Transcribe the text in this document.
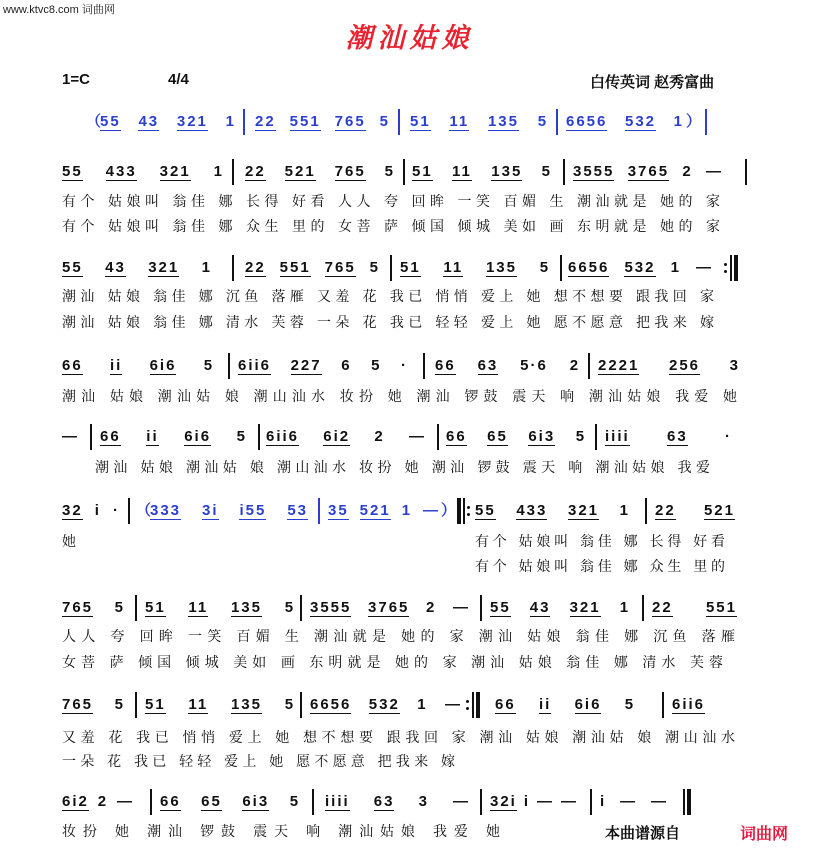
www.ktvc8.com 词曲网
潮汕姑娘
1=C	4/4	白传英词 赵秀富曲
（
55 43 321 1 22 551 765 5 51 11 135 5 6656 532 1 ）
55 433 321 1 22 521 765 5 51 11 135 5 3555 3765 2 —
有个 姑娘叫 翁佳 娜 长得 好看 人人 夸 回眸 一笑 百媚 生 潮汕就是 她的 家
有个 姑娘叫 翁佳 娜 众生 里的 女菩 萨 倾国 倾城 美如 画 东明就是 她的 家
55 43 321 1 22 551 765 5 51 11 135 5 6656 532 1 —
潮汕 姑娘 翁佳 娜 沉鱼 落雁 又羞 花 我已 悄悄 爱上 她 想不想要 跟我回 家
潮汕 姑娘 翁佳 娜 清水 芙蓉 一朵 花 我已 轻轻 爱上 她 愿不愿意 把我来 嫁
66 ii 6i6 5 6ii6 227 6 5 · 66 63 5·6 2 2221 256 3
潮汕 姑娘 潮汕姑 娘 潮山汕水 妆扮 她 潮汕 锣鼓 震天 响 潮汕姑娘 我爱 她
— 66 ii 6i6 5 6ii6 6i2 2 — 66 65 6i3 5 iiii 63 ·
潮汕 姑娘 潮汕姑 娘 潮山汕水 妆扮 她 潮汕 锣鼓 震天 响 潮汕姑娘 我爱
32 i · （
333 3i i55 53 35 521 1 — ） 55 433 321 1 22 521
她	有个 姑娘叫 翁佳 娜 长得 好看
有个 姑娘叫 翁佳 娜 众生 里的
765 5 51 11 135 5 3555 3765 2 — 55 43 321 1 22 551
人人 夸 回眸 一笑 百媚 生 潮汕就是 她的 家 潮汕 姑娘 翁佳 娜 沉鱼 落雁
女菩 萨 倾国 倾城 美如 画 东明就是 她的 家 潮汕 姑娘 翁佳 娜 清水 芙蓉
765 5 51 11 135 5 6656 532 1 — 66 ii 6i6 5 6ii6
又羞 花 我已 悄悄 爱上 她 想不想要 跟我回 家 潮汕 姑娘 潮汕姑 娘 潮山汕水
一朵 花 我已 轻轻 爱上 她 愿不愿意 把我来 嫁
6i2 2 — 66 65 6i3 5 iiii 63 3 — 32i i — — i — —
妆扮 她 潮汕 锣鼓 震天 响 潮汕姑娘 我爱 她	本曲谱源自	词曲网
